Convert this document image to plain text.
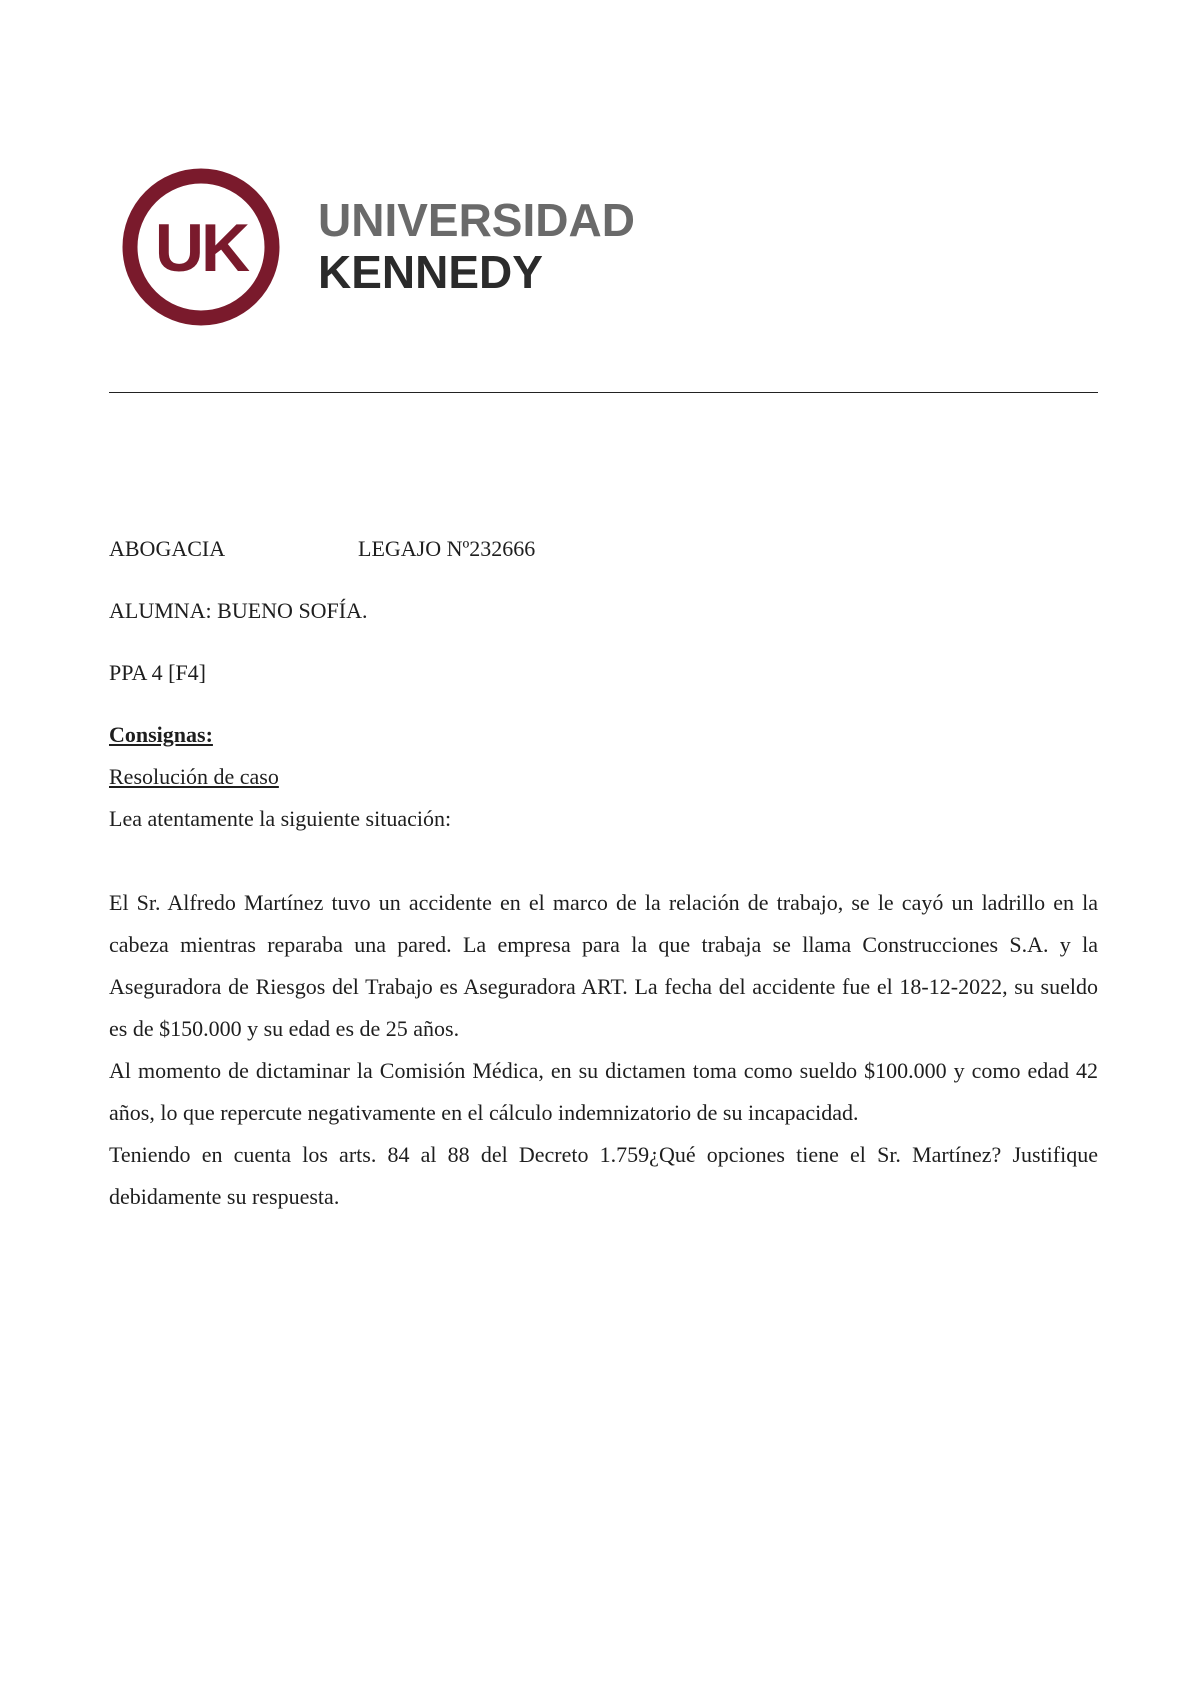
UK UNIVERSIDAD
KENNEDY
ABOGACIA	LEGAJO Nº232666
ALUMNA: BUENO SOFÍA.
PPA 4 [F4]
Consignas:
Resolución de caso
Lea atentamente la siguiente situación:
El Sr. Alfredo Martínez tuvo un accidente en el marco de la relación de trabajo, se le cayó un ladrillo en la cabeza mientras reparaba una pared. La empresa para la que trabaja se llama Construcciones S.A. y la Aseguradora de Riesgos del Trabajo es Aseguradora ART. La fecha del accidente fue el 18-12-2022, su sueldo es de $150.000 y su edad es de 25 años.
Al momento de dictaminar la Comisión Médica, en su dictamen toma como sueldo $100.000 y como edad 42 años, lo que repercute negativamente en el cálculo indemnizatorio de su incapacidad.
Teniendo en cuenta los arts. 84 al 88 del Decreto 1.759¿Qué opciones tiene el Sr. Martínez? Justifique debidamente su respuesta.
